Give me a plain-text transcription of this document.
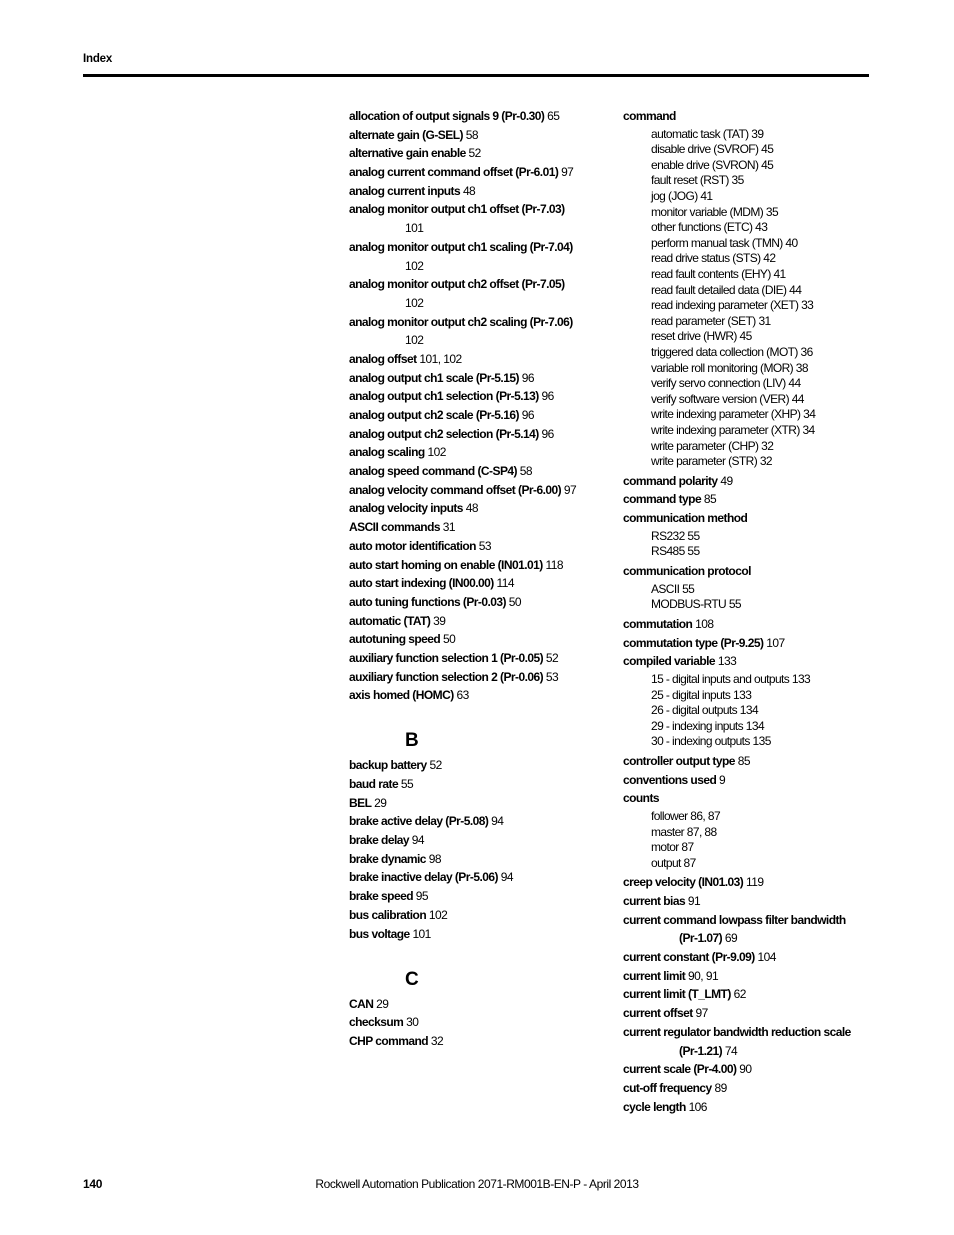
Index
allocation of output signals 9 (Pr-0.30) 65
alternate gain (G-SEL) 58
alternative gain enable 52
analog current command offset (Pr-6.01) 97
analog current inputs 48
analog monitor output ch1 offset (Pr-7.03)
101
analog monitor output ch1 scaling (Pr-7.04)
102
analog monitor output ch2 offset (Pr-7.05)
102
analog monitor output ch2 scaling (Pr-7.06)
102
analog offset 101, 102
analog output ch1 scale (Pr-5.15) 96
analog output ch1 selection (Pr-5.13) 96
analog output ch2 scale (Pr-5.16) 96
analog output ch2 selection (Pr-5.14) 96
analog scaling 102
analog speed command (C-SP4) 58
analog velocity command offset (Pr-6.00) 97
analog velocity inputs 48
ASCII commands 31
auto motor identification 53
auto start homing on enable (IN01.01) 118
auto start indexing (IN00.00) 114
auto tuning functions (Pr-0.03) 50
automatic (TAT) 39
autotuning speed 50
auxiliary function selection 1 (Pr-0.05) 52
auxiliary function selection 2 (Pr-0.06) 53
axis homed (HOMC) 63
B
backup battery 52
baud rate 55
BEL 29
brake active delay (Pr-5.08) 94
brake delay 94
brake dynamic 98
brake inactive delay (Pr-5.06) 94
brake speed 95
bus calibration 102
bus voltage 101
C
CAN 29
checksum 30
CHP command 32
command
automatic task (TAT) 39
disable drive (SVROF) 45
enable drive (SVRON) 45
fault reset (RST) 35
jog (JOG) 41
monitor variable (MDM) 35
other functions (ETC) 43
perform manual task (TMN) 40
read drive status (STS) 42
read fault contents (EHY) 41
read fault detailed data (DIE) 44
read indexing parameter (XET) 33
read parameter (SET) 31
reset drive (HWR) 45
triggered data collection (MOT) 36
variable roll monitoring (MOR) 38
verify servo connection (LIV) 44
verify software version (VER) 44
write indexing parameter (XHP) 34
write indexing parameter (XTR) 34
write parameter (CHP) 32
write parameter (STR) 32
command polarity 49
command type 85
communication method
RS232 55
RS485 55
communication protocol
ASCII 55
MODBUS-RTU 55
commutation 108
commutation type (Pr-9.25) 107
compiled variable 133
15 - digital inputs and outputs 133
25 - digital inputs 133
26 - digital outputs 134
29 - indexing inputs 134
30 - indexing outputs 135
controller output type 85
conventions used 9
counts
follower 86, 87
master 87, 88
motor 87
output 87
creep velocity (IN01.03) 119
current bias 91
current command lowpass filter bandwidth
(Pr-1.07) 69
current constant (Pr-9.09) 104
current limit 90, 91
current limit (T_LMT) 62
current offset 97
current regulator bandwidth reduction scale
(Pr-1.21) 74
current scale (Pr-4.00) 90
cut-off frequency 89
cycle length 106
140	Rockwell Automation Publication 2071-RM001B-EN-P - April 2013
